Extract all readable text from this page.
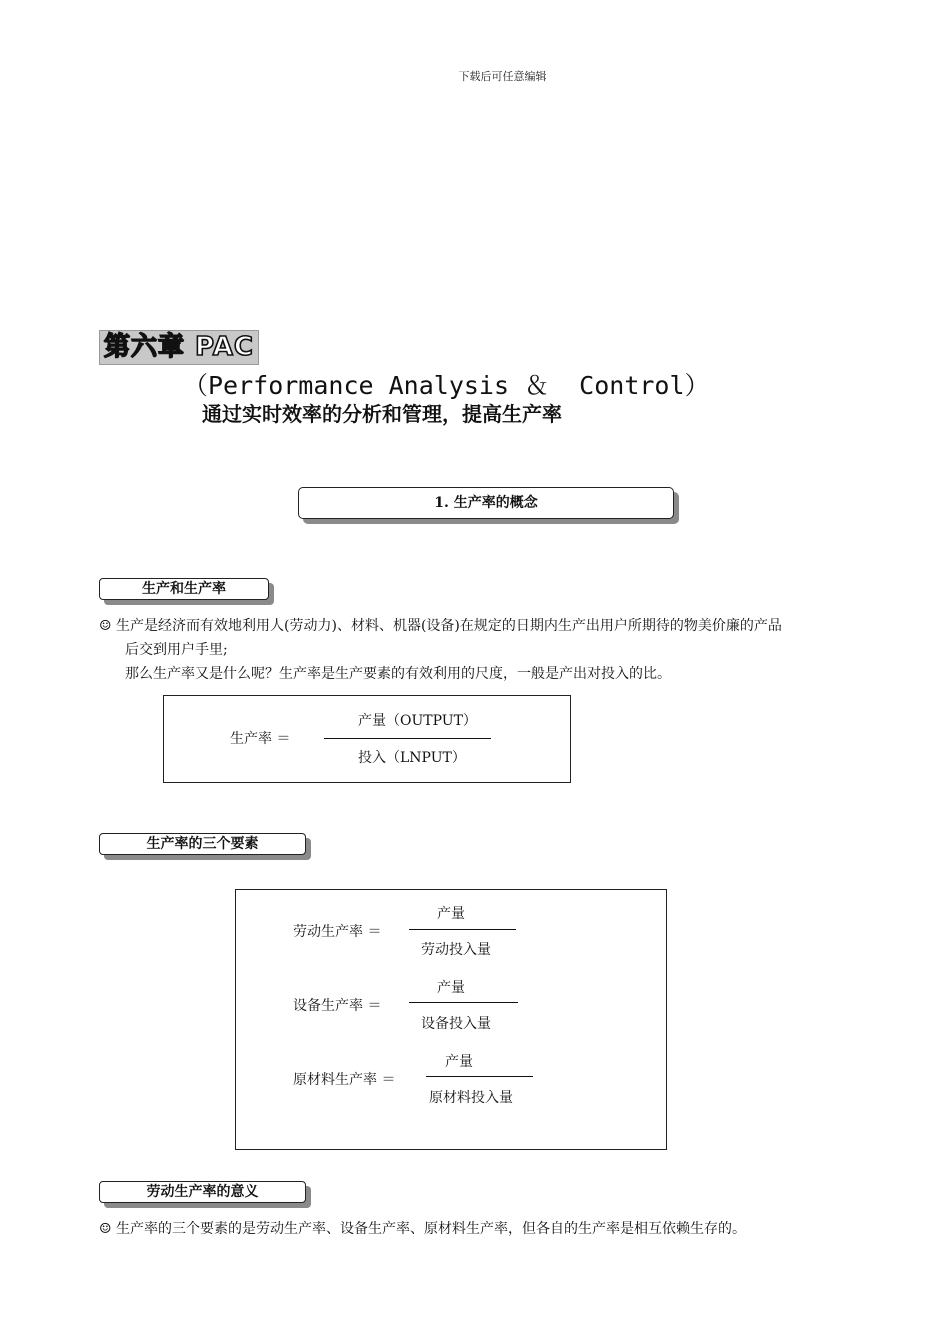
下载后可任意编辑
第六章 PAC
（Performance Analysis ＆  Control）
通过实时效率的分析和管理，提高生产率
1. 生产率的概念
生产和生产率
☺ 生产是经济而有效地利用人(劳动力)、材料、机器(设备)在规定的日期内生产出用户所期待的物美价廉的产品
后交到用户手里;
那么生产率又是什么呢？生产率是生产要素的有效利用的尺度，一般是产出对投入的比。
生产率 ＝
产量（OUTPUT）
投入（LNPUT）
生产率的三个要素
劳动生产率 ＝
产量
劳动投入量
设备生产率 ＝
产量
设备投入量
原材料生产率 ＝
产量
原材料投入量
劳动生产率的意义
☺ 生产率的三个要素的是劳动生产率、设备生产率、原材料生产率，但各自的生产率是相互依赖生存的。
